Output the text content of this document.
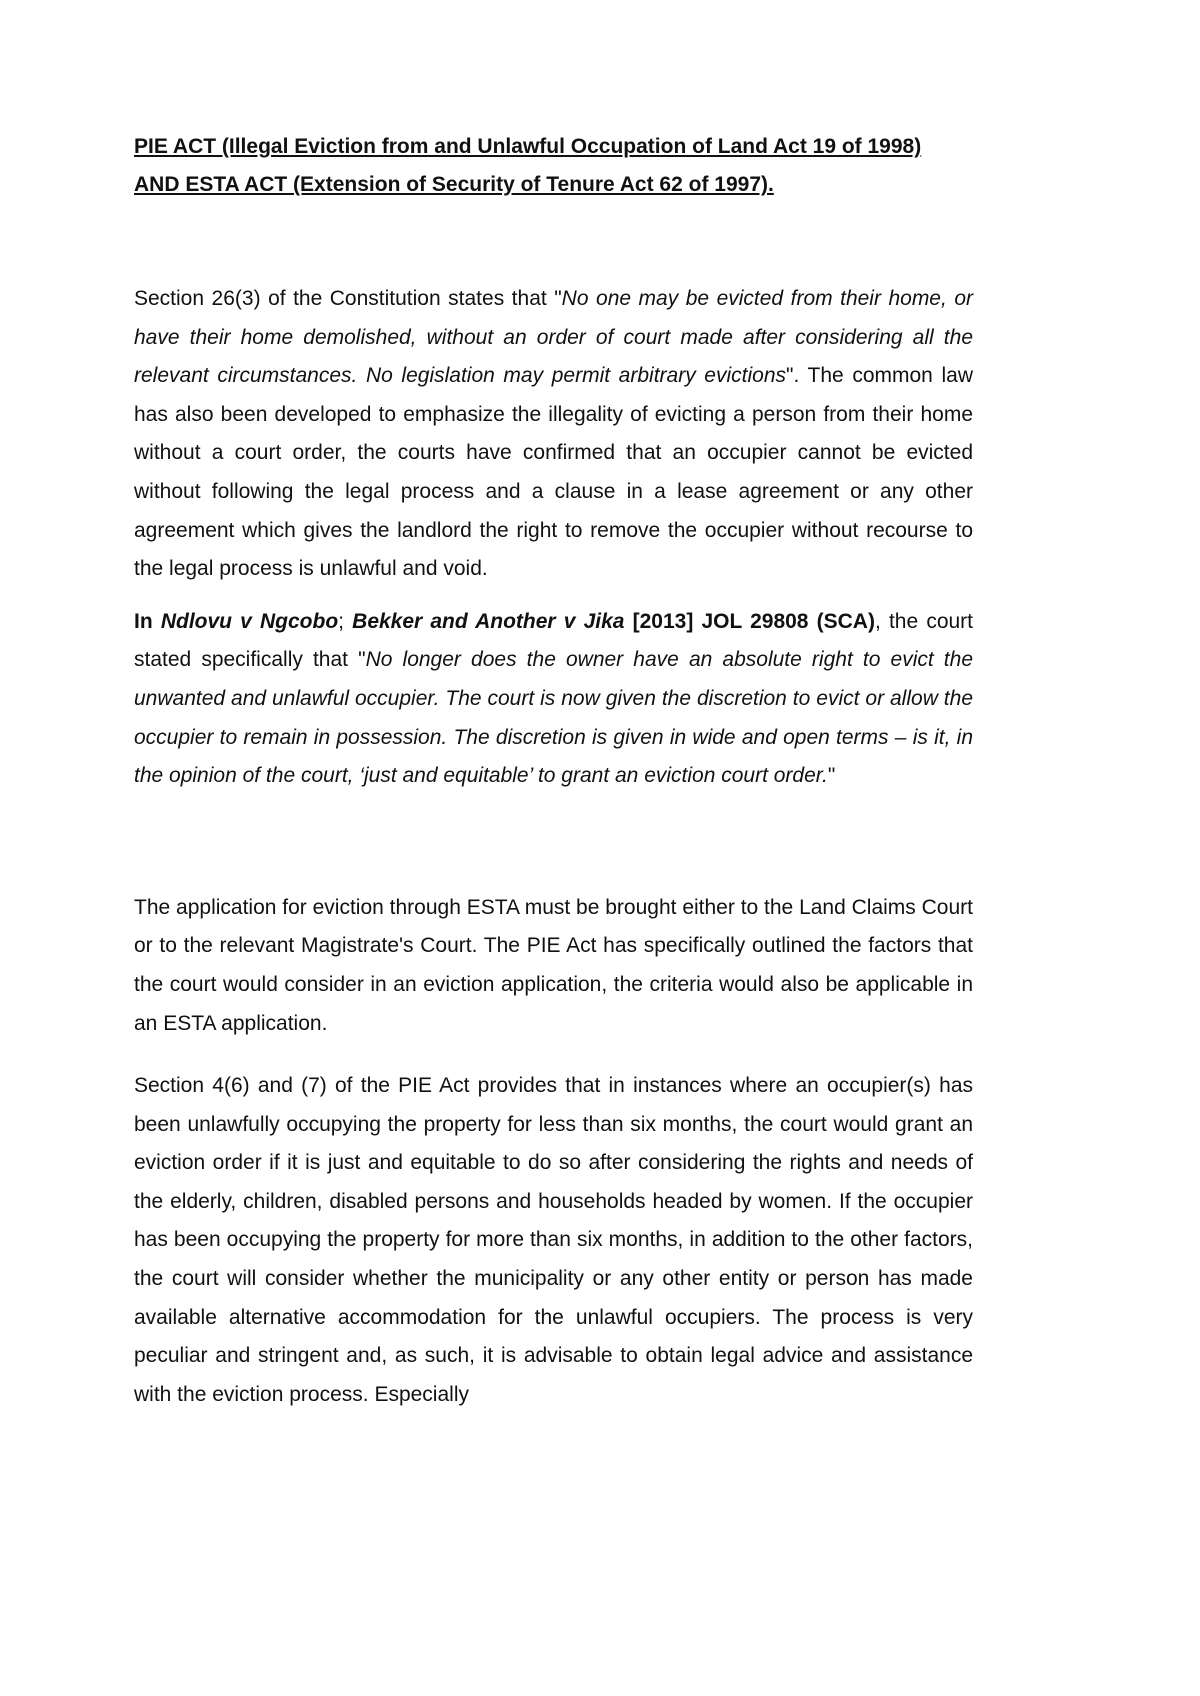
PIE ACT (Illegal Eviction from and Unlawful Occupation of Land Act 19 of 1998)
AND ESTA ACT (Extension of Security of Tenure Act 62 of 1997).

Section 26(3) of the Constitution states that "No one may be evicted from their home, or have their home demolished, without an order of court made after considering all the relevant circumstances. No legislation may permit arbitrary evictions". The common law has also been developed to emphasize the illegality of evicting a person from their home without a court order, the courts have confirmed that an occupier cannot be evicted without following the legal process and a clause in a lease agreement or any other agreement which gives the landlord the right to remove the occupier without recourse to the legal process is unlawful and void.

In Ndlovu v Ngcobo; Bekker and Another v Jika [2013] JOL 29808 (SCA), the court stated specifically that "No longer does the owner have an absolute right to evict the unwanted and unlawful occupier. The court is now given the discretion to evict or allow the occupier to remain in possession. The discretion is given in wide and open terms – is it, in the opinion of the court, ‘just and equitable’ to grant an eviction court order."

The application for eviction through ESTA must be brought either to the Land Claims Court or to the relevant Magistrate's Court. The PIE Act has specifically outlined the factors that the court would consider in an eviction application, the criteria would also be applicable in an ESTA application.

Section 4(6) and (7) of the PIE Act provides that in instances where an occupier(s) has been unlawfully occupying the property for less than six months, the court would grant an eviction order if it is just and equitable to do so after considering the rights and needs of the elderly, children, disabled persons and households headed by women. If the occupier has been occupying the property for more than six months, in addition to the other factors, the court will consider whether the municipality or any other entity or person has made available alternative accommodation for the unlawful occupiers. The process is very peculiar and stringent and, as such, it is advisable to obtain legal advice and assistance with the eviction process. Especially
